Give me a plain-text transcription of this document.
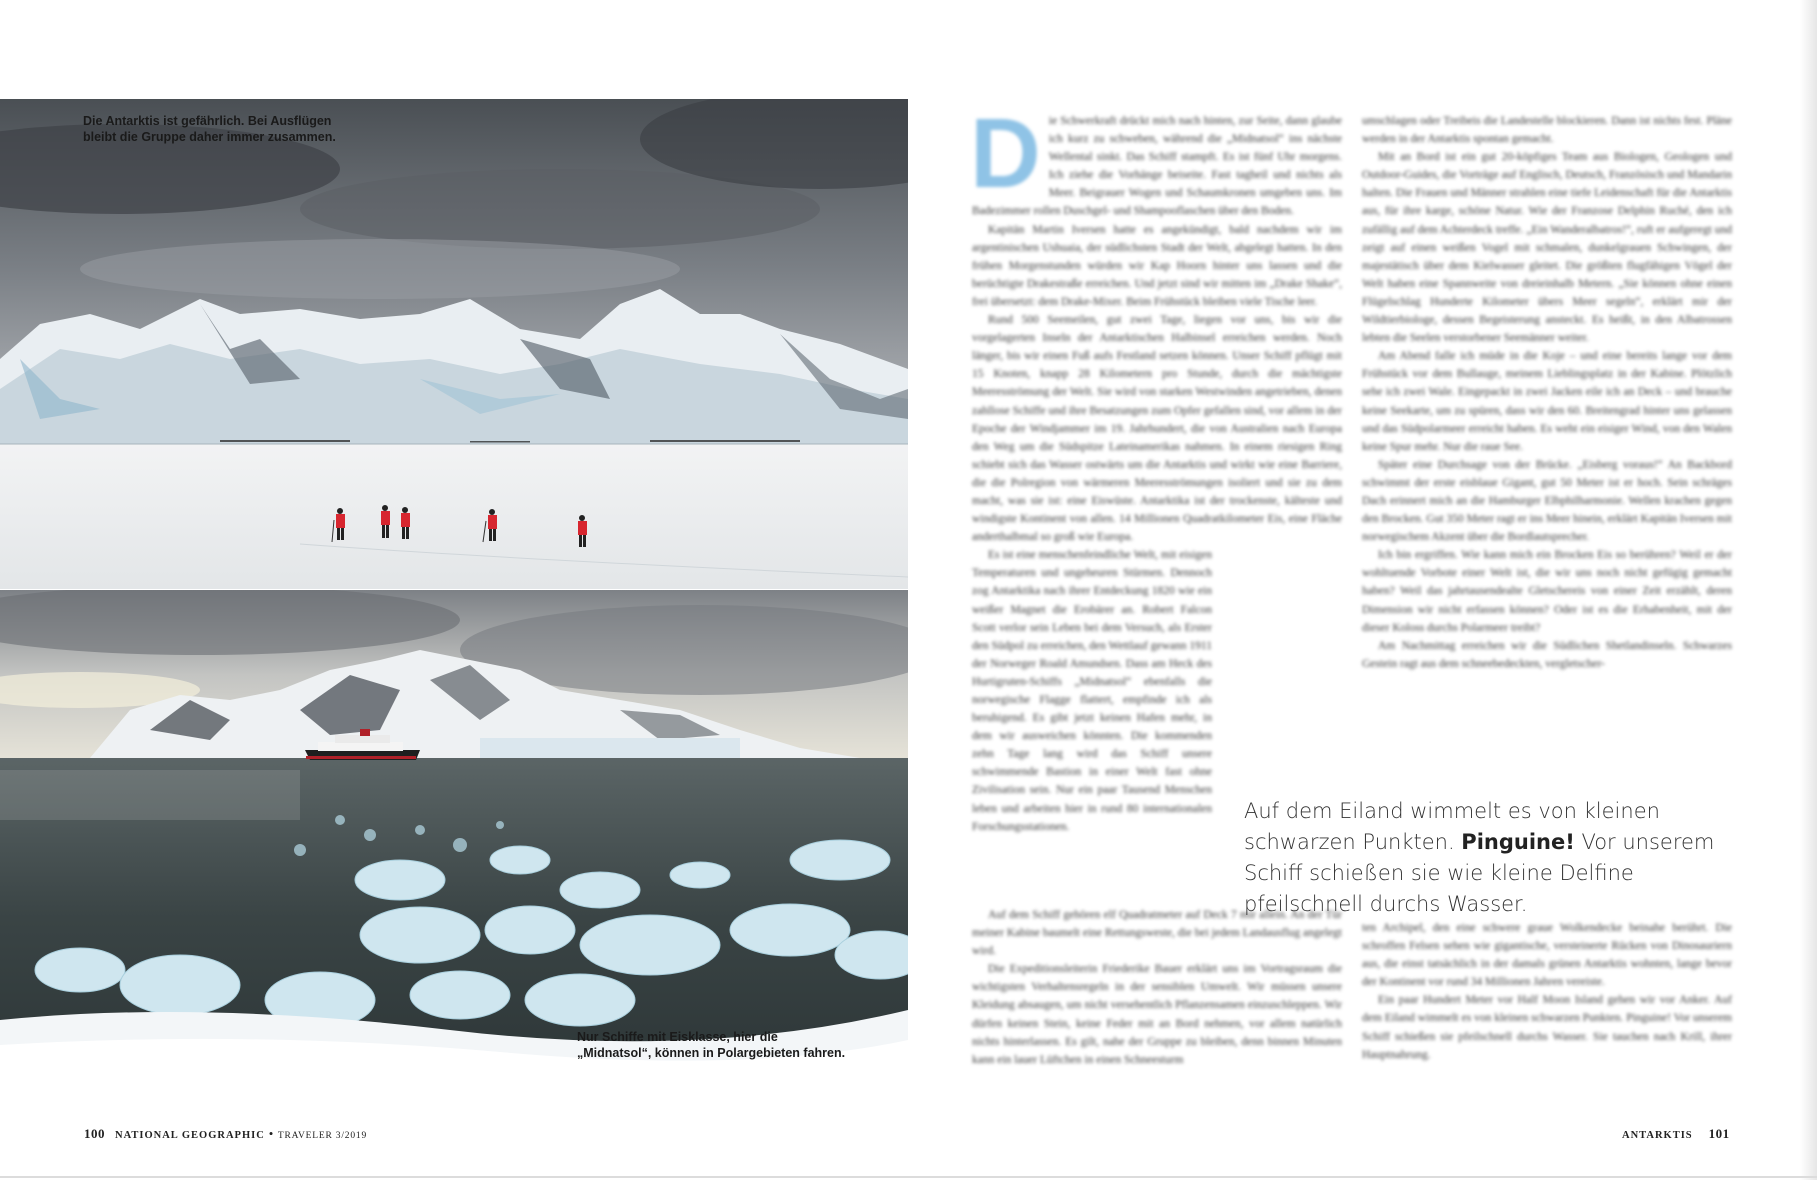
Die Antarktis ist gefährlich. Bei Ausflügen
bleibt die Gruppe daher immer zusammen.
Nur Schiffe mit Eisklasse, hier die
„Midnatsol“, können in Polargebieten fahren.
D ie Schwerkraft drückt mich nach hinten, zur Seite, dann glaube ich kurz zu schweben, während die „Midnatsol“ ins nächste Wellental sinkt. Das Schiff stampft. Es ist fünf Uhr morgens. Ich ziehe die Vorhänge beiseite. Fast tagheil und nichts als Meer. Beigrauer Wogen und Schaumkronen umgeben uns. Im Badezimmer rollen Duschgel- und Shampooflaschen über den Boden.

Kapitän Martin Iversen hatte es angekündigt, bald nachdem wir im argentinischen Ushuaia, der südlichsten Stadt der Welt, abgelegt hatten. In den frühen Morgenstunden würden wir Kap Hoorn hinter uns lassen und die berüchtigte Drakestraße erreichen. Und jetzt sind wir mitten im „Drake Shake“, frei übersetzt: dem Drake-Mixer. Beim Frühstück bleiben viele Tische leer.

Rund 500 Seemeilen, gut zwei Tage, liegen vor uns, bis wir die vorgelagerten Inseln der Antarktischen Halbinsel erreichen werden. Noch länger, bis wir einen Fuß aufs Festland setzen können. Unser Schiff pflügt mit 15 Knoten, knapp 28 Kilometern pro Stunde, durch die mächtigste Meeresströmung der Welt. Sie wird von starken Westwinden angetrieben, denen zahllose Schiffe und ihre Besatzungen zum Opfer gefallen sind, vor allem in der Epoche der Windjammer im 19. Jahrhundert, die von Australien nach Europa den Weg um die Südspitze Lateinamerikas nahmen. In einem riesigen Ring schiebt sich das Wasser ostwärts um die Antarktis und wirkt wie eine Barriere, die die Polregion von wärmeren Meeresströmungen isoliert und sie zu dem macht, was sie ist: eine Eiswüste. Antarktika ist der trockenste, kälteste und windigste Kontinent von allen. 14 Millionen Quadratkilometer Eis, eine Fläche anderthalbmal so groß wie Europa.

Es ist eine menschenfeindliche Welt, mit eisigen Temperaturen und ungeheuren Stürmen. Dennoch zog Antarktika nach ihrer Entdeckung 1820 wie ein weißer Magnet die Erobärer an. Robert Falcon Scott verlor sein Leben bei dem Versuch, als Erster den Südpol zu erreichen, den Wettlauf gewann 1911 der Norweger Roald Amundsen. Dass am Heck des Hurtigruten-Schiffs „Midnatsol“ ebenfalls die norwegische Flagge flattert, empfinde ich als beruhigend. Es gibt jetzt keinen Hafen mehr, in dem wir ausweichen könnten. Die kommenden zehn Tage lang wird das Schiff unsere schwimmende Bastion in einer Welt fast ohne Zivilisation sein. Nur ein paar Tausend Menschen leben und arbeiten hier in rund 80 internationalen Forschungsstationen.

Auf dem Schiff gehören elf Quadratmeter auf Deck 7 mir allein. An der Tür meiner Kabine baumelt eine Rettungsweste, die bei jedem Landausflug angelegt wird.

Die Expeditionsleiterin Friederike Bauer erklärt uns im Vortragsraum die wichtigsten Verhaltensregeln in der sensiblen Umwelt. Wir müssen unsere Kleidung absaugen, um nicht versehentlich Pflanzensamen einzuschleppen. Wir dürfen keinen Stein, keine Feder mit an Bord nehmen, vor allem natürlich nichts hinterlassen. Es gilt, nahe der Gruppe zu bleiben, denn binnen Minuten kann ein lauer Lüftchen in einen Schneesturm

umschlagen oder Treibeis die Landestelle blockieren. Dann ist nichts fest. Pläne werden in der Antarktis spontan gemacht.

Mit an Bord ist ein gut 20-köpfiges Team aus Biologen, Geologen und Outdoor-Guides, die Vorträge auf Englisch, Deutsch, Französisch und Mandarin halten. Die Frauen und Männer strahlen eine tiefe Leidenschaft für die Antarktis aus, für ihre karge, schöne Natur. Wie der Franzose Delphin Ruché, den ich zufällig auf dem Achterdeck treffe. „Ein Wanderalbatros!“, ruft er aufgeregt und zeigt auf einen weißen Vogel mit schmalen, dunkelgrauen Schwingen, der majestätisch über dem Kielwasser gleitet. Die größten flugfähigen Vögel der Welt haben eine Spannweite von dreieinhalb Metern. „Sie können ohne einen Flügelschlag Hunderte Kilometer übers Meer segeln“, erklärt mir der Wildtierbiologe, dessen Begeisterung ansteckt. Es heißt, in den Albatrossen lebten die Seelen verstorbener Seemänner weiter.

Am Abend falle ich müde in die Koje – und eine bereits lange vor dem Frühstück vor dem Bullauge, meinem Lieblingsplatz in der Kabine. Plötzlich sehe ich zwei Wale. Eingepackt in zwei Jacken eile ich an Deck – und brauche keine Seekarte, um zu spüren, dass wir den 60. Breitengrad hinter uns gelassen und das Südpolarmeer erreicht haben. Es weht ein eisiger Wind, von den Walen keine Spur mehr. Nur die raue See.

Später eine Durchsage von der Brücke. „Eisberg voraus!“ An Backbord schwimmt der erste eisblaue Gigant, gut 50 Meter ist er hoch. Sein schräges Dach erinnert mich an die Hamburger Elbphilharmonie. Wellen krachen gegen den Brocken. Gut 350 Meter ragt er ins Meer hinein, erklärt Kapitän Iversen mit norwegischem Akzent über die Bordlautsprecher.

Ich bin ergriffen. Wie kann mich ein Brocken Eis so berühren? Weil er der wohltuende Vorbote einer Welt ist, die wir uns noch nicht gefügig gemacht haben? Weil das jahrtausendealte Gletschereis von einer Zeit erzählt, deren Dimension wir nicht erfassen können? Oder ist es die Erhabenheit, mit der dieser Koloss durchs Polarmeer treibt?

Am Nachmittag erreichen wir die Südlichen Shetlandinseln. Schwarzes Gestein ragt aus dem schneebedeckten, vergletscher-

ten Archipel, den eine schwere graue Wolkendecke beinahe berührt. Die schroffen Felsen sehen wie gigantische, versteinerte Rücken von Dinosauriern aus, die einst tatsächlich in der damals grünen Antarktis wohnten, lange bevor der Kontinent vor rund 34 Millionen Jahren vereiste.

Ein paar Hundert Meter vor Half Moon Island gehen wir vor Anker. Auf dem Eiland wimmelt es von kleinen schwarzen Punkten. Pinguine! Vor unserem Schiff schießen sie pfeilschnell durchs Wasser. Sie tauchen nach Krill, ihrer Hauptnahrung.

Auf dem Eiland wimmelt es von kleinen schwarzen Punkten. Pinguine! Vor unserem Schiff schießen sie wie kleine Delfine pfeilschnell durchs Wasser.
100 NATIONAL GEOGRAPHIC • TRAVELER 3/2019	ANTARKTIS 101
